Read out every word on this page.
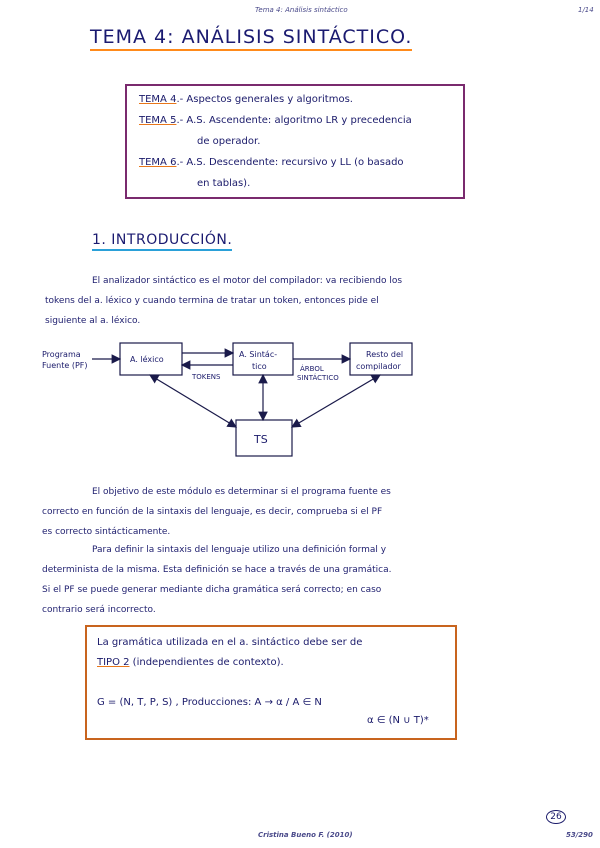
Tema 4: Análisis sintáctico	1/14
TEMA 4: ANÁLISIS SINTÁCTICO.
TEMA 4.- Aspectos generales y algoritmos.
TEMA 5.- A.S. Ascendente: algoritmo LR y precedencia
de operador.
TEMA 6.- A.S. Descendente: recursivo y LL (o basado
en tablas).
1. INTRODUCCIÓN.
El analizador sintáctico es el motor del compilador: va recibiendo los
tokens del a. léxico y cuando termina de tratar un token, entonces pide el
siguiente al a. léxico.
Programa
Fuente (PF)
A. léxico
A. Sintác-
tico
Resto del
compilador
TOKENS
ÁRBOL
SINTÁCTICO
TS
El objetivo de este módulo es determinar si el programa fuente es
correcto en función de la sintaxis del lenguaje, es decir, comprueba si el PF
es correcto sintácticamente.
Para definir la sintaxis del lenguaje utilizo una definición formal y
determinista de la misma. Esta definición se hace a través de una gramática.
Si el PF se puede generar mediante dicha gramática será correcto; en caso
contrario será incorrecto.
La gramática utilizada en el a. sintáctico debe ser de
TIPO 2 (independientes de contexto).
G = (N, T, P, S) , Producciones: A → α / A ∈ N
α ∈ (N ∪ T)*
26
Cristina Bueno F. (2010)	53/290
